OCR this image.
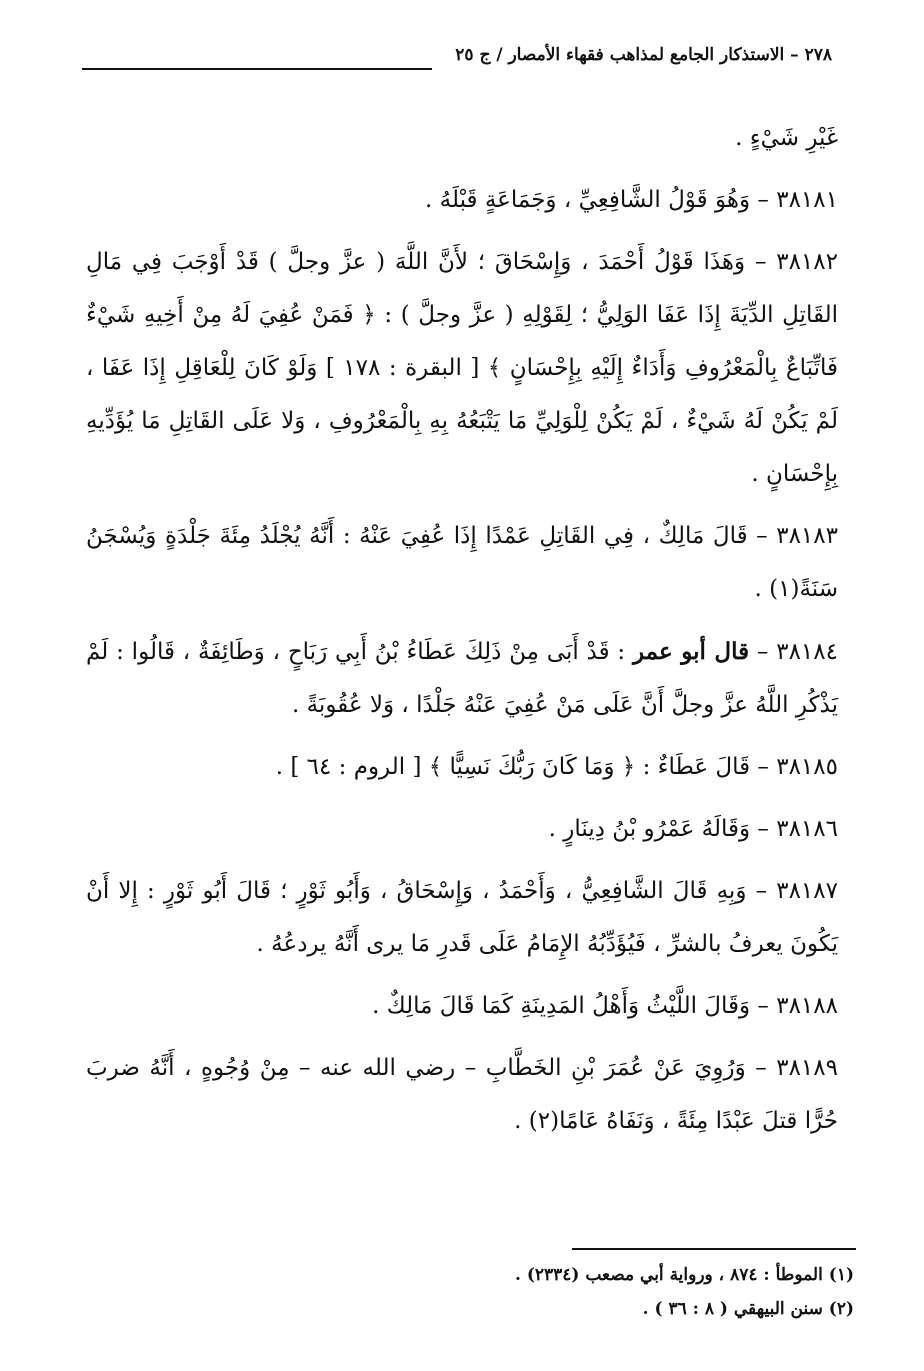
٢٧٨ – الاستذكار الجامع لمذاهب فقهاء الأمصار / ج ٢٥

غَيْرِ شَيْءٍ .

٣٨١٨١ – وَهُوَ قَوْلُ الشَّافِعِيِّ ، وَجَمَاعَةٍ قَبْلَهُ .

٣٨١٨٢ – وَهَذَا قَوْلُ أَحْمَدَ ، وَإِسْحَاقَ ؛ لأَنَّ اللَّهَ ( عزَّ وجلَّ ) قَدْ أَوْجَبَ فِي مَالِ القَاتِلِ الدِّيَةَ إِذَا عَفَا الوَلِيُّ ؛ لِقَوْلِهِ ( عزَّ وجلَّ ) : ﴿ فَمَنْ عُفِيَ لَهُ مِنْ أَخِيهِ شَيْءٌ فَاتِّبَاعٌ بِالْمَعْرُوفِ وَأَدَاءٌ إِلَيْهِ بِإِحْسَانٍ ﴾ [ البقرة : ١٧٨ ] وَلَوْ كَانَ لِلْعَاقِلِ إِذَا عَفَا ، لَمْ يَكُنْ لَهُ شَيْءٌ ، لَمْ يَكُنْ لِلْوَلِيِّ مَا يَتْبَعُهُ بِهِ بِالْمَعْرُوفِ ، وَلا عَلَى القَاتِلِ مَا يُؤَدِّيهِ بِإِحْسَانٍ .

٣٨١٨٣ – قَالَ مَالِكٌ ، فِي القَاتِلِ عَمْدًا إِذَا عُفِيَ عَنْهُ : أَنَّهُ يُجْلَدُ مِئَةَ جَلْدَةٍ وَيُسْجَنُ سَنَةً(١) .

٣٨١٨٤ – قال أبو عمر : قَدْ أَبَى مِنْ ذَلِكَ عَطَاءُ بْنُ أَبِي رَبَاحٍ ، وَطَائِفَةٌ ، قَالُوا : لَمْ يَذْكُرِ اللَّهُ عزَّ وجلَّ أَنَّ عَلَى مَنْ عُفِيَ عَنْهُ جَلْدًا ، وَلا عُقُوبَةً .

٣٨١٨٥ – قَالَ عَطَاءٌ : ﴿ وَمَا كَانَ رَبُّكَ نَسِيًّا ﴾ [ الروم : ٦٤ ] .

٣٨١٨٦ – وَقَالَهُ عَمْرُو بْنُ دِينَارٍ .

٣٨١٨٧ – وَبِهِ قَالَ الشَّافِعِيُّ ، وَأَحْمَدُ ، وَإِسْحَاقُ ، وَأَبُو ثَوْرٍ ؛ قَالَ أَبُو ثَوْرٍ : إِلا أَنْ يَكُونَ يعرفُ بالشرِّ ، فَيُؤَدِّبُهُ الإِمَامُ عَلَى قَدرِ مَا يرى أَنَّهُ يردعُهُ .

٣٨١٨٨ – وَقَالَ اللَّيْثُ وَأَهْلُ المَدِينَةِ كَمَا قَالَ مَالِكٌ .

٣٨١٨٩ – وَرُوِيَ عَنْ عُمَرَ بْنِ الخَطَّابِ – رضي الله عنه – مِنْ وُجُوهٍ ، أَنَّهُ ضربَ حُرًّا قتلَ عَبْدًا مِئَةً ، وَنَفَاهُ عَامًا(٢) .

(١) الموطأ : ٨٧٤ ، ورواية أبي مصعب (٢٣٣٤) .

(٢) سنن البيهقي ( ٨ : ٣٦ ) .
